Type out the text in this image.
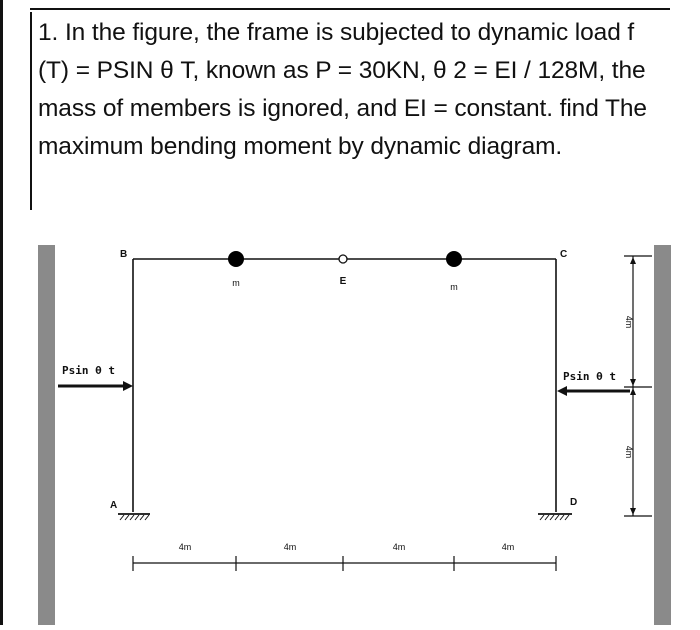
1. In the figure, the frame is subjected to dynamic load f (T) = PSIN θ T, known as P = 30KN, θ 2 = EI / 128M, the mass of members is ignored, and EI = constant. find The maximum bending moment by dynamic diagram.
B	C
E
A	D
m	m
Psin θ t	Psin θ t
4m
4m
4m	4m	4m	4m
